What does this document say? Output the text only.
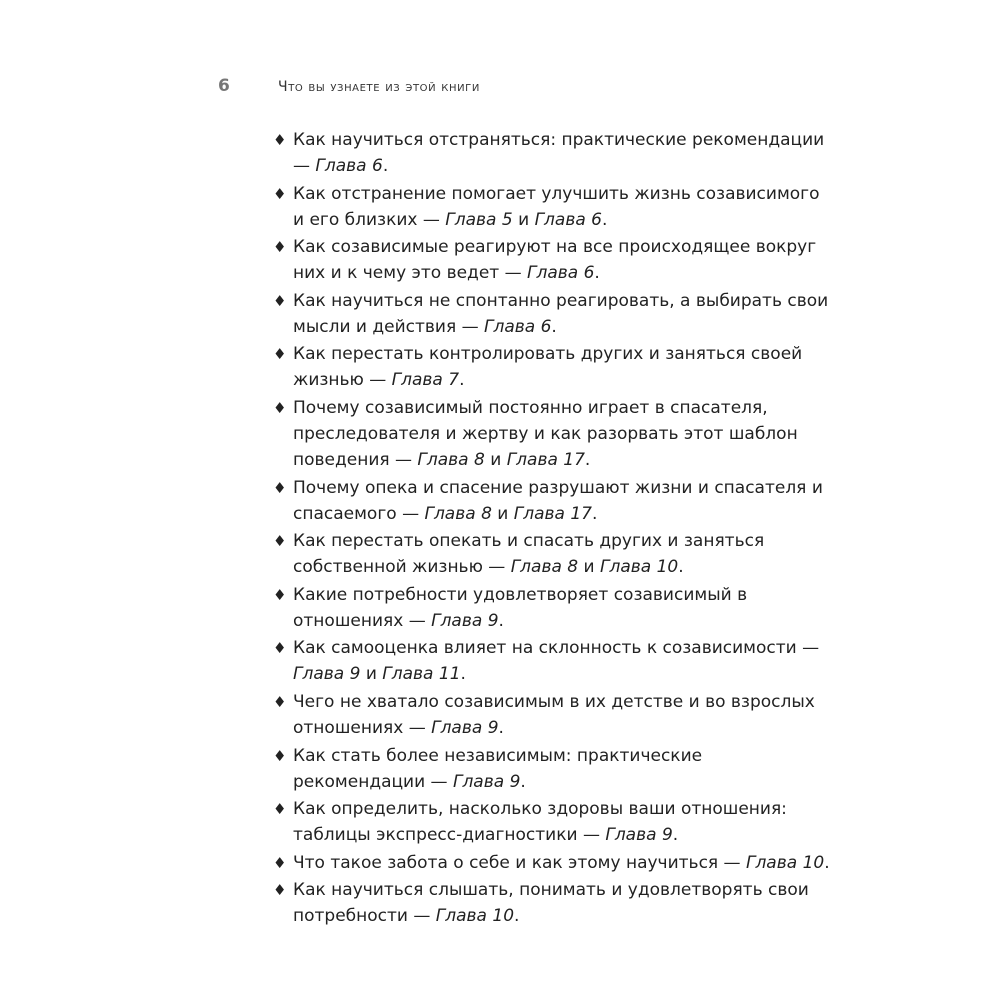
6	Что вы узнаете из этой книги
♦ Как научиться отстраняться: практические рекомендации — Глава 6.
♦ Как отстранение помогает улучшить жизнь созависимого и его близких — Глава 5 и Глава 6.
♦ Как созависимые реагируют на все происходящее вокруг них и к чему это ведет — Глава 6.
♦ Как научиться не спонтанно реагировать, а выбирать свои мысли и действия — Глава 6.
♦ Как перестать контролировать других и заняться своей жизнью — Глава 7.
♦ Почему созависимый постоянно играет в спасателя, преследователя и жертву и как разорвать этот шаблон поведения — Глава 8 и Глава 17.
♦ Почему опека и спасение разрушают жизни и спасателя и спасаемого — Глава 8 и Глава 17.
♦ Как перестать опекать и спасать других и заняться собственной жизнью — Глава 8 и Глава 10.
♦ Какие потребности удовлетворяет созависимый в отношениях — Глава 9.
♦ Как самооценка влияет на склонность к созависимости — Глава 9 и Глава 11.
♦ Чего не хватало созависимым в их детстве и во взрослых отношениях — Глава 9.
♦ Как стать более независимым: практические рекомендации — Глава 9.
♦ Как определить, насколько здоровы ваши отношения: таблицы экспресс-диагностики — Глава 9.
♦ Что такое забота о себе и как этому научиться — Глава 10.
♦ Как научиться слышать, понимать и удовлетворять свои потребности — Глава 10.
